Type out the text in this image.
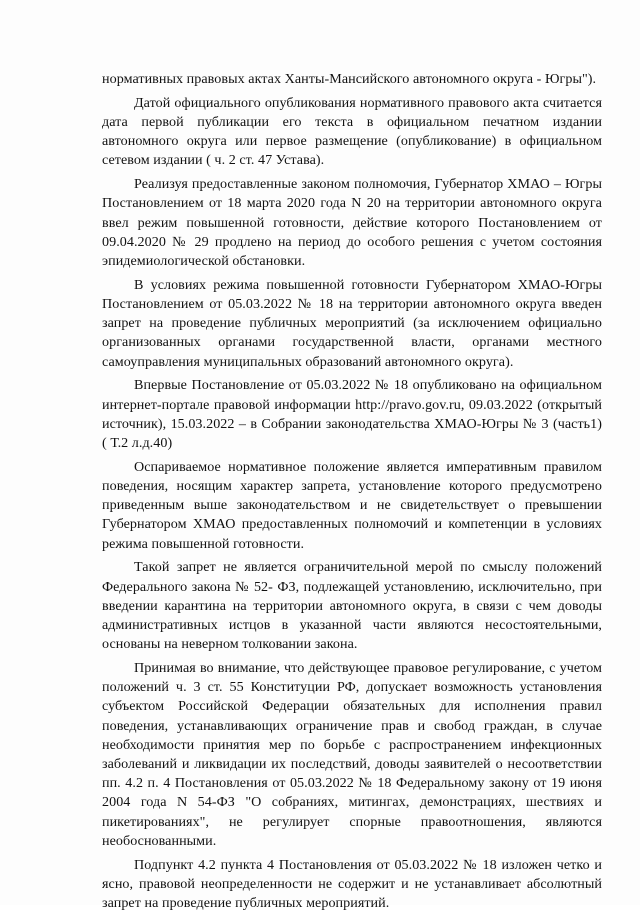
нормативных правовых актах Ханты-Мансийского автономного округа - Югры").

Датой официального опубликования нормативного правового акта считается дата первой публикации его текста в официальном печатном издании автономного округа или первое размещение (опубликование) в официальном сетевом издании ( ч. 2 ст. 47 Устава).

Реализуя предоставленные законом полномочия, Губернатор ХМАО – Югры Постановлением от 18 марта 2020 года N 20 на территории автономного округа ввел режим повышенной готовности, действие которого Постановлением от 09.04.2020 № 29 продлено на период до особого решения с учетом состояния эпидемиологической обстановки.

В условиях режима повышенной готовности Губернатором ХМАО-Югры Постановлением от 05.03.2022 № 18 на территории автономного округа введен запрет на проведение публичных мероприятий (за исключением официально организованных органами государственной власти, органами местного самоуправления муниципальных образований автономного округа).

Впервые Постановление от 05.03.2022 № 18 опубликовано на официальном интернет-портале правовой информации http://pravo.gov.ru, 09.03.2022 (открытый источник), 15.03.2022 – в Собрании законодательства ХМАО-Югры № 3 (часть1) ( Т.2 л.д.40)

Оспариваемое нормативное положение является императивным правилом поведения, носящим характер запрета, установление которого предусмотрено приведенным выше законодательством и не свидетельствует о превышении Губернатором ХМАО предоставленных полномочий и компетенции в условиях режима повышенной готовности.

Такой запрет не является ограничительной мерой по смыслу положений Федерального закона № 52- ФЗ, подлежащей установлению, исключительно, при введении карантина на территории автономного округа, в связи с чем доводы административных истцов в указанной части являются несостоятельными, основаны на неверном толковании закона.

Принимая во внимание, что действующее правовое регулирование, с учетом положений ч. 3 ст. 55 Конституции РФ, допускает возможность установления субъектом Российской Федерации обязательных для исполнения правил поведения, устанавливающих ограничение прав и свобод граждан, в случае необходимости принятия мер по борьбе с распространением инфекционных заболеваний и ликвидации их последствий, доводы заявителей о несоответствии пп. 4.2 п. 4 Постановления от 05.03.2022 № 18 Федеральному закону от 19 июня 2004 года N 54-ФЗ "О собраниях, митингах, демонстрациях, шествиях и пикетированиях", не регулирует спорные правоотношения, являются необоснованными.

Подпункт 4.2 пункта 4 Постановления от 05.03.2022 № 18 изложен четко и ясно, правовой неопределенности не содержит и не устанавливает абсолютный запрет на проведение публичных мероприятий.
